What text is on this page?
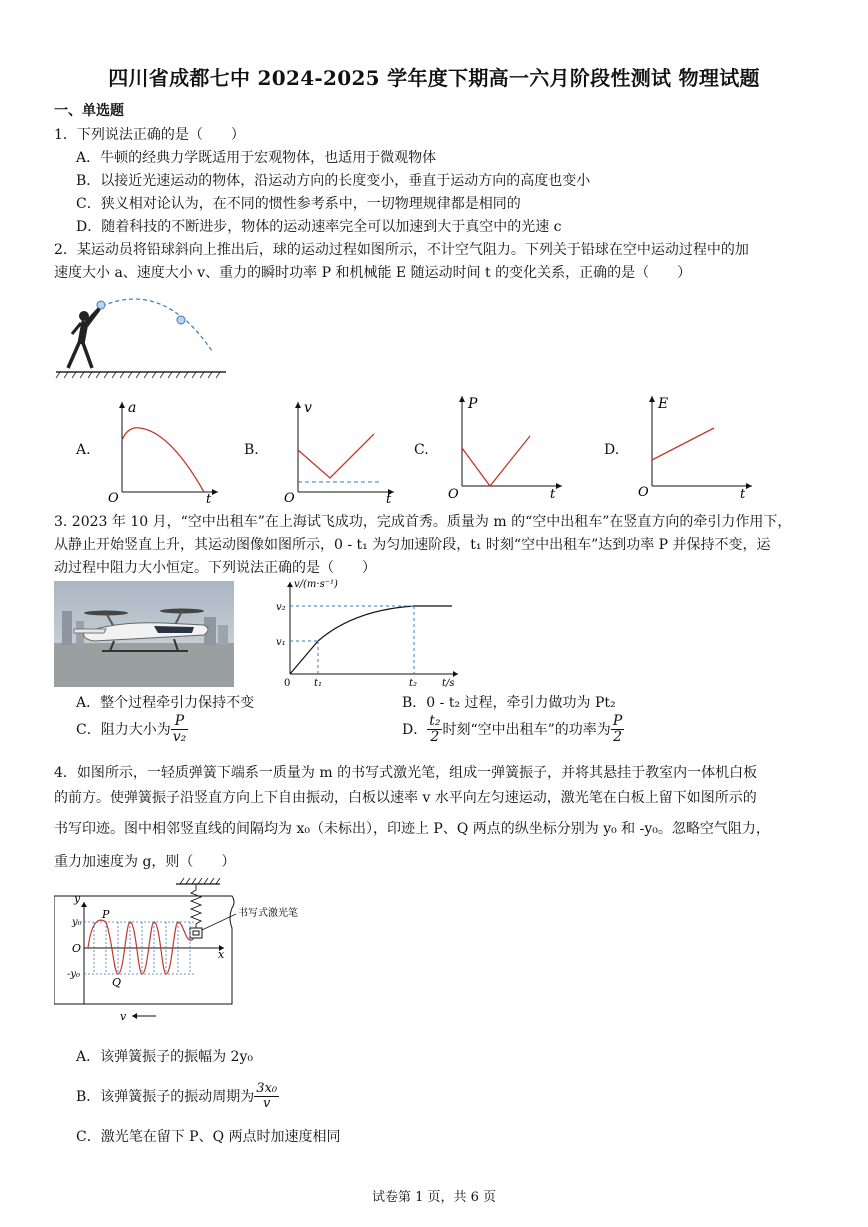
四川省成都七中 2024-2025 学年度下期高一六月阶段性测试 物理试题
一、单选题
1．下列说法正确的是（　　）
A．牛顿的经典力学既适用于宏观物体，也适用于微观物体
B．以接近光速运动的物体，沿运动方向的长度变小，垂直于运动方向的高度也变小
C．狭义相对论认为，在不同的惯性参考系中，一切物理规律都是相同的
D．随着科技的不断进步，物体的运动速率完全可以加速到大于真空中的光速 c
2．某运动员将铅球斜向上推出后，球的运动过程如图所示，不计空气阻力。下列关于铅球在空中运动过程中的加
速度大小 a、速度大小 v、重力的瞬时功率 P 和机械能 E 随运动时间 t 的变化关系，正确的是（　　）
A.
a
t
O
B.
v
t
O
C.
P
t
O
D.
E
t
O
3. 2023 年 10 月，“空中出租车”在上海试飞成功，完成首秀。质量为 m 的“空中出租车”在竖直方向的牵引力作用下，
从静止开始竖直上升，其运动图像如图所示，0 - t₁ 为匀加速阶段，t₁ 时刻“空中出租车”达到功率 P 并保持不变，运
动过程中阻力大小恒定。下列说法正确的是（　　）
v/(m·s⁻¹)
v₂
v₁
0 t₁	t₂ t/s
A．整个过程牵引力保持不变	B．0 - t₂ 过程，牵引力做功为 Pt₂
C．阻力大小为 $\frac{P}{\text{v₂}}$	D． $\frac{\text{t₂}}{2}$ 时刻“空中出租车”的功率为 $\frac{P}{2}$
4．如图所示，一轻质弹簧下端系一质量为 m 的书写式激光笔，组成一弹簧振子，并将其悬挂于教室内一体机白板
的前方。使弹簧振子沿竖直方向上下自由振动，白板以速率 v 水平向左匀速运动，激光笔在白板上留下如图所示的
书写印迹。图中相邻竖直线的间隔均为 x₀（未标出），印迹上 P、Q 两点的纵坐标分别为 y₀ 和 -y₀。忽略空气阻力，
重力加速度为 g，则（　　）
y
y₀
P
O
-y₀
Q
x
书写式激光笔
v
A．该弹簧振子的振幅为 2y₀
B．该弹簧振子的振动周期为 $\frac{\text{3x₀}}{v}$
C．激光笔在留下 P、Q 两点时加速度相同
试卷第 1 页，共 6 页
